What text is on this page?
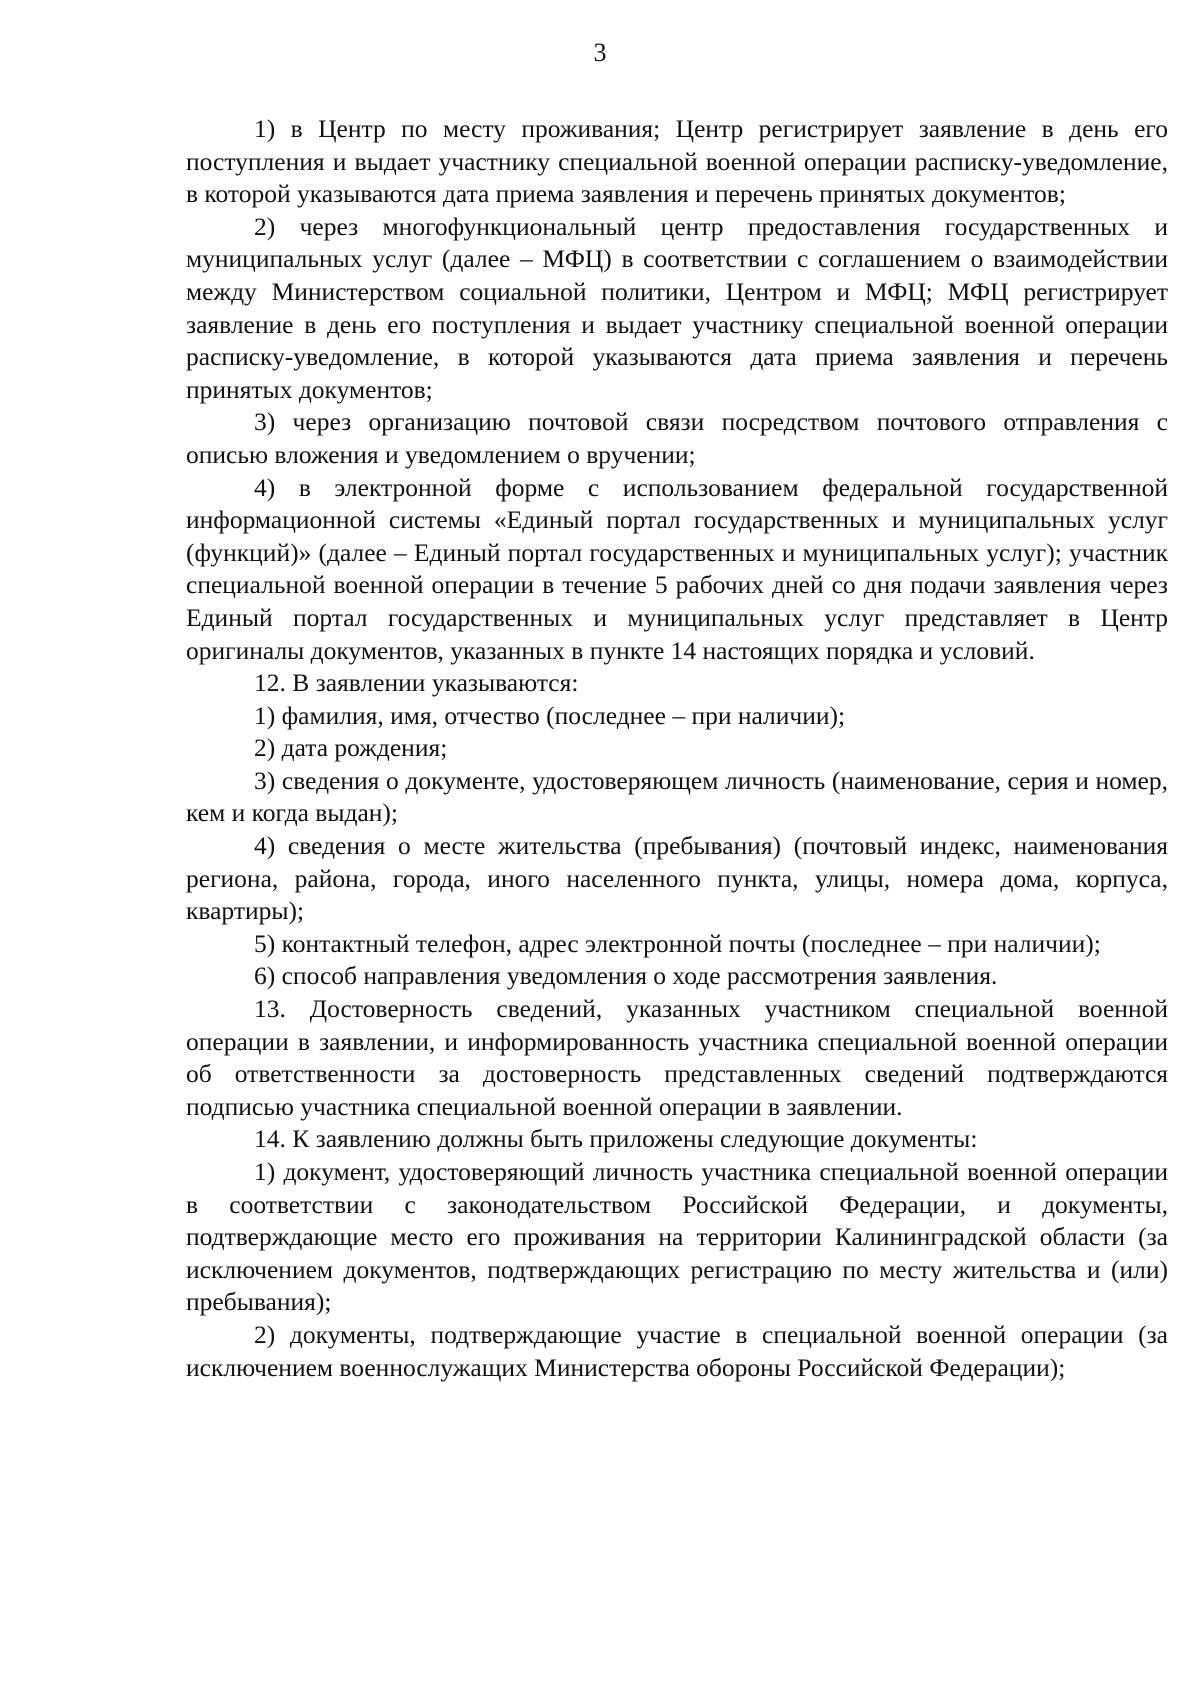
3

1) в Центр по месту проживания; Центр регистрирует заявление в день его поступления и выдает участнику специальной военной операции расписку-уведомление, в которой указываются дата приема заявления и перечень принятых документов;

2) через многофункциональный центр предоставления государственных и муниципальных услуг (далее – МФЦ) в соответствии с соглашением о взаимодействии между Министерством социальной политики, Центром и МФЦ; МФЦ регистрирует заявление в день его поступления и выдает участнику специальной военной операции расписку-уведомление, в которой указываются дата приема заявления и перечень принятых документов;

3) через организацию почтовой связи посредством почтового отправления с описью вложения и уведомлением о вручении;

4) в электронной форме с использованием федеральной государственной информационной системы «Единый портал государственных и муниципальных услуг (функций)» (далее – Единый портал государственных и муниципальных услуг); участник специальной военной операции в течение 5 рабочих дней со дня подачи заявления через Единый портал государственных и муниципальных услуг представляет в Центр оригиналы документов, указанных в пункте 14 настоящих порядка и условий.

12. В заявлении указываются:

1) фамилия, имя, отчество (последнее – при наличии);

2) дата рождения;

3) сведения о документе, удостоверяющем личность (наименование, серия и номер, кем и когда выдан);

4) сведения о месте жительства (пребывания) (почтовый индекс, наименования региона, района, города, иного населенного пункта, улицы, номера дома, корпуса, квартиры);

5) контактный телефон, адрес электронной почты (последнее – при наличии);

6) способ направления уведомления о ходе рассмотрения заявления.

13. Достоверность сведений, указанных участником специальной военной операции в заявлении, и информированность участника специальной военной операции об ответственности за достоверность представленных сведений подтверждаются подписью участника специальной военной операции в заявлении.

14. К заявлению должны быть приложены следующие документы:

1) документ, удостоверяющий личность участника специальной военной операции в соответствии с законодательством Российской Федерации, и документы, подтверждающие место его проживания на территории Калининградской области (за исключением документов, подтверждающих регистрацию по месту жительства и (или) пребывания);

2) документы, подтверждающие участие в специальной военной операции (за исключением военнослужащих Министерства обороны Российской Федерации);
